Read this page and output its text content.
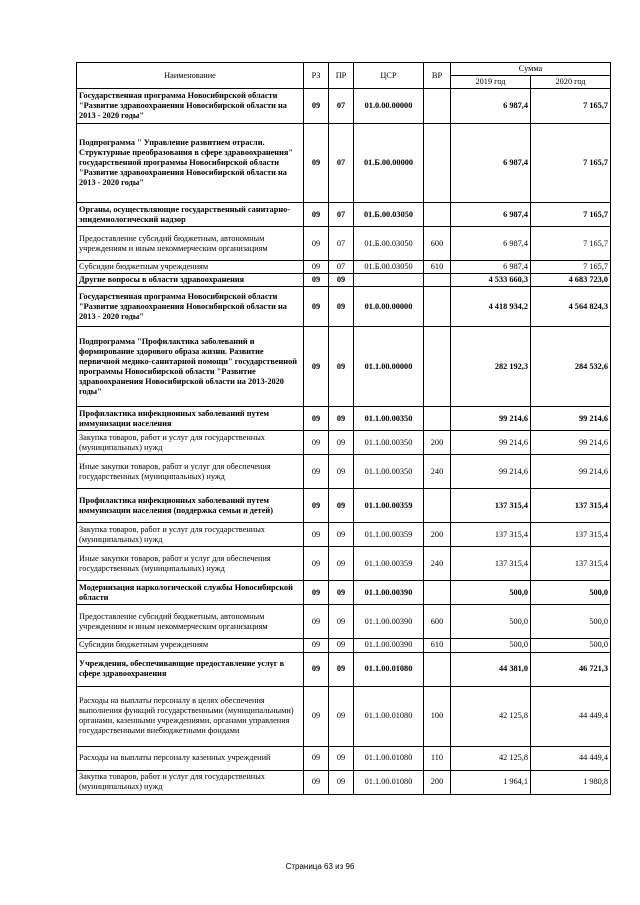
Наименование	РЗ	ПР	ЦСР	ВР	Сумма	
					2019 год	2020 год
Государственная программа Новосибирской области "Развитие здравоохранения Новосибирской области на 2013 - 2020 годы"	09	07	01.0.00.00000		6 987,4	7 165,7
Подпрограмма " Управление развитием отрасли. Структурные преобразования в сфере здравоохранения" государственной программы Новосибирской области "Развитие здравоохранения Новосибирской области на 2013 - 2020 годы"	09	07	01.Б.00.00000		6 987,4	7 165,7
Органы, осуществляющие государственный санитарно-эпидемиологический надзор	09	07	01.Б.00.03050		6 987,4	7 165,7
Предоставление субсидий бюджетным, автономным учреждениям и иным некоммерческим организациям	09	07	01.Б.00.03050	600	6 987,4	7 165,7
Субсидии бюджетным учреждениям	09	07	01.Б.00.03050	610	6 987,4	7 165,7
Другие вопросы в области здравоохранения	09	09			4 533 660,3	4 683 723,0
Государственная программа Новосибирской области "Развитие здравоохранения Новосибирской области на 2013 - 2020 годы"	09	09	01.0.00.00000		4 418 934,2	4 564 824,3
Подпрограмма "Профилактика заболеваний и формирование здорового образа жизни. Развитие первичной медико-санитарной помощи" государственной программы Новосибирской области "Развитие здравоохранения Новосибирской области на 2013-2020 годы"	09	09	01.1.00.00000		282 192,3	284 532,6
Профилактика инфекционных заболеваний путем иммунизации населения	09	09	01.1.00.00350		99 214,6	99 214,6
Закупка товаров, работ и услуг для государственных (муниципальных) нужд	09	09	01.1.00.00350	200	99 214,6	99 214,6
Иные закупки товаров, работ и услуг для обеспечения государственных (муниципальных) нужд	09	09	01.1.00.00350	240	99 214,6	99 214,6
Профилактика инфекционных заболеваний путем иммунизации населения (поддержка семьи и детей)	09	09	01.1.00.00359		137 315,4	137 315,4
Закупка товаров, работ и услуг для государственных (муниципальных) нужд	09	09	01.1.00.00359	200	137 315,4	137 315,4
Иные закупки товаров, работ и услуг для обеспечения государственных (муниципальных) нужд	09	09	01.1.00.00359	240	137 315,4	137 315,4
Модернизация наркологической службы Новосибирской области	09	09	01.1.00.00390		500,0	500,0
Предоставление субсидий бюджетным, автономным учреждениям и иным некоммерческим организациям	09	09	01.1.00.00390	600	500,0	500,0
Субсидии бюджетным учреждениям	09	09	01.1.00.00390	610	500,0	500,0
Учреждения, обеспечивающие предоставление услуг в сфере здравоохранения	09	09	01.1.00.01080		44 381,0	46 721,3
Расходы на выплаты персоналу в целях обеспечения выполнения функций государственными (муниципальными) органами, казенными учреждениями, органами управления государственными внебюджетными фондами	09	09	01.1.00.01080	100	42 125,8	44 449,4
Расходы на выплаты персоналу казенных учреждений	09	09	01.1.00.01080	110	42 125,8	44 449,4
Закупка товаров, работ и услуг для государственных (муниципальных) нужд	09	09	01.1.00.01080	200	1 964,1	1 980,8
Страница 63 из 96
